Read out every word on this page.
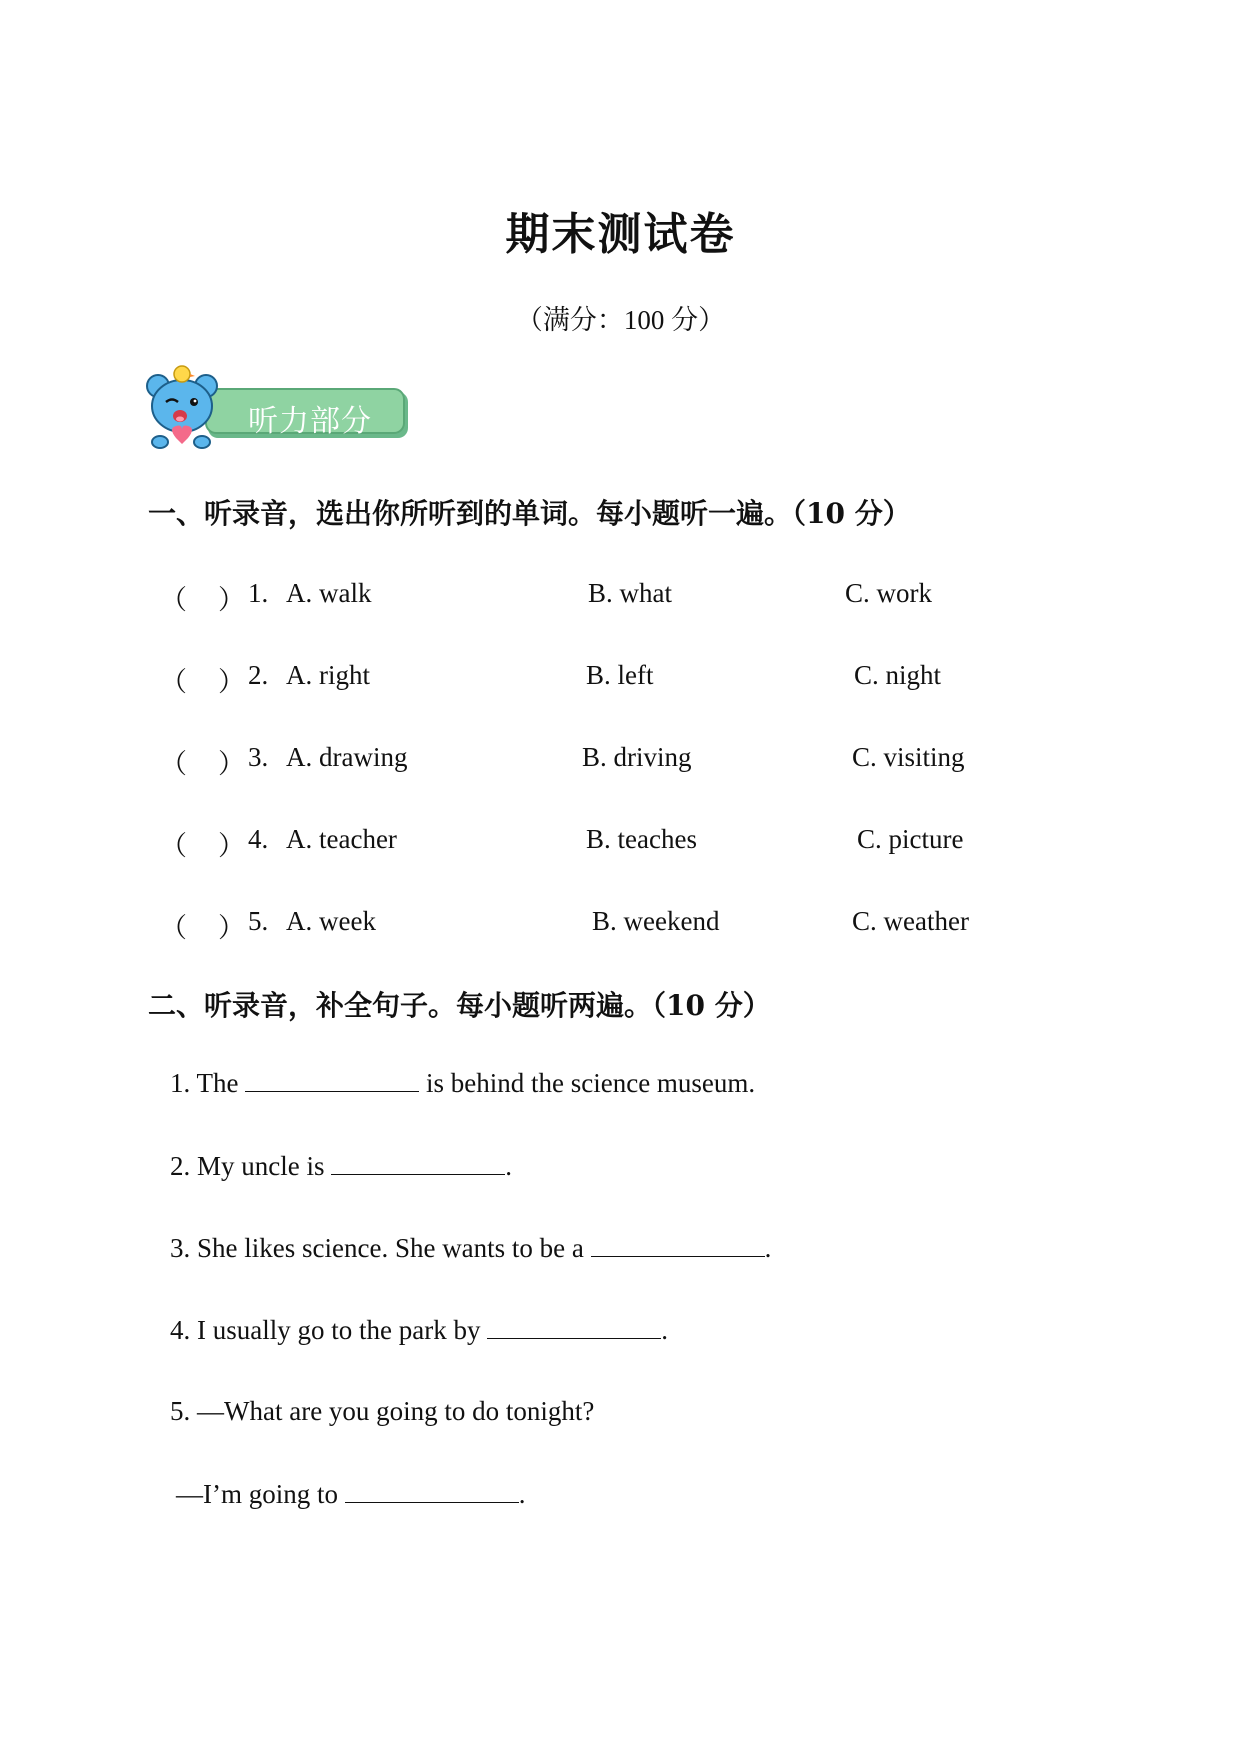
期末测试卷
（满分：100 分）
听力部分
一、听录音，选出你所听到的单词。每小题听一遍。（10 分）
（ ） 1. A. walk	B. what	C. work
（ ） 2. A. right	B. left	C. night
（ ） 3. A. drawing	B. driving	C. visiting
（ ） 4. A. teacher	B. teaches	C. picture
（ ） 5. A. week	B. weekend	C. weather
二、听录音，补全句子。每小题听两遍。（10 分）
1. The	is behind the science museum.
2. My uncle is	.
3. She likes science. She wants to be a	.
4. I usually go to the park by	.
5. —What are you going to do tonight?
—I’m going to	.
